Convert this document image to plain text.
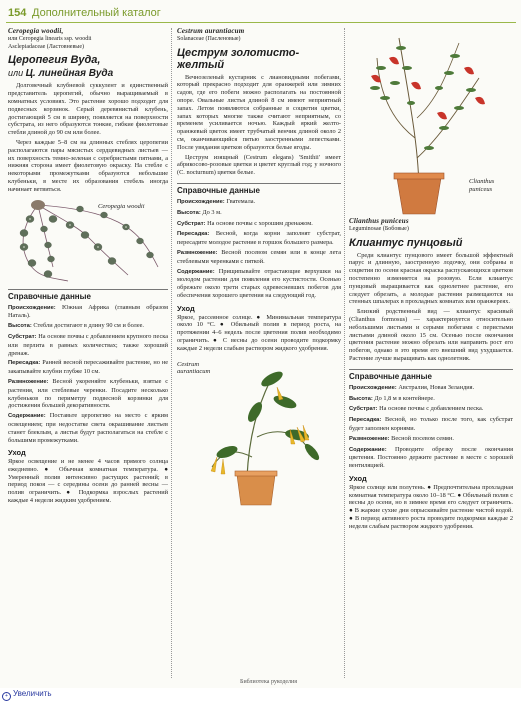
154 Дополнительный каталог
Ceropegia woodii,
или Ceropegia linearis ssp. woodii
Asclepiadaceae (Ластовневые)
Церопегия Вуда,
или Ц. линейная Вуда

Долговечный клубневой суккулент и единственный представитель церопегий, обычно выращиваемый в комнатных условиях. Это растение хорошо подходит для подвесных корзинок. Серый деревянистый клубень, достигающий 5 см в ширину, появляется на поверхности субстрата, из него образуются тонкие, гибкие фиолетовые стебли длиной до 90 см или более.

Через каждые 5–8 см на длинных стеблях церопегии располагаются пары мясистых сердцевидных листьев — их поверхность темно-зеленая с серебристыми пятнами, а нижняя сторона имеет фиолетовую окраску. На стебле с некоторыми промежутками образуются небольшие клубеньки, в месте их образования стебель иногда начинает ветвиться.

Ceropegia woodii
Справочные данные
Происхождение: Южная Африка (главным образом Наталь).
Высота: Стебли достигают в длину 90 см и более.
Субстрат: На основе почвы с добавлением крупного песка или перлита в равных количествах; также хороший дренаж.
Пересадка: Ранней весной пересаживайте растение, но не закапывайте клубни глубже 10 см.
Размножение: Весной укореняйте клубеньки, взятые с растения, или стеблевые черенки. Посадите несколько клубеньков по периметру подвесной корзинки для достижения большей декоративности.
Содержание: Поставьте церопегию на место с ярким освещением; при недостатке света окрашивание листьев станет блеклым, а листья будут располагаться на стебле с большими промежутками.
Уход

Яркое освещение и не менее 4 часов прямого солнца ежедневно. ● Обычная комнатная температура. ● Умеренный полив интенсивно растущих растений; в период покоя — с середины осени до ранней весны — полив ограничить. ● Подкормка взрослых растений каждые 4 недели жидким удобрением.

Cestrum aurantiacum
Solanaceae (Пасленовые)
Цеструм золотисто-желтый

Вечнозеленый кустарник с лиановидными побегами, который прекрасно подходит для оранжерей или зимних садов, где его побеги можно располагать на постоянной опоре. Овальные листья длиной 8 см имеют неприятный запах. Летом появляются собранные в соцветия цветки, запах которых многие также считают неприятным, со временем усиливается ночью. Каждый яркий желто-оранжевый цветок имеет трубчатый венчик длиной около 2 см, оканчивающийся пятью заостренными лепестками. После увядания цветков образуются белые ягоды.

Цеструм изящный (Cestrum elegans) 'Smithii' имеет абрикосово-розовые цветки и цветет круглый год; у ночного (C. nocturnum) цветки белые.

Справочные данные
Происхождение: Гватемала.
Высота: До 3 м.
Субстрат: На основе почвы с хорошим дренажом.
Пересадка: Весной, когда корни заполнят субстрат, пересадите молодое растение в горшок большего размера.
Размножение: Весной посевом семян или в конце лета стеблевыми черенками с пяткой.
Содержание: Прищипывайте отрастающие верхушки на молодом растении для появления его кустистости. Осенью обрежьте около трети старых одревесневших побегов для обеспечения хорошего цветения на следующий год.
Уход

Яркое, рассеянное солнце. ● Минимальная температура около 10 °С. ● Обильный полив в период роста, на протяжении 4–6 недель после цветения полив необходимо ограничить. ● С весны до осени проводите подкормку каждые 2 недели слабым раствором жидкого удобрения.

Cestrum
aurantiacum
Clianthus
puniceus
Clianthus puniceus
Leguminosae (Бобовые)
Клиантус пунцовый

Среди клиантус пунцового имеет большой эффектный парус и длинную, заостренную лодочку, они собраны в соцветия по осени красная окраска распускающихся цветков постепенно изменяется на розовую. Если клиантус пунцовый выращивается как однолетнее растение, его следует обрезать, а молодые растения размещаются на стенных шпалерах в прохладных комнатах или оранжереях.

Близкий родственный вид — клиантус красивый (Clianthus formosus) — характеризуется относительно небольшими листьями и серыми побегами с перистыми листьями длиной около 15 см. Осенью после окончания цветения растение можно обрезать или направить рост его побегов, однако в это время его внешний вид ухудшается. Растение лучше выращивать как однолетник.

Справочные данные
Происхождение: Австралия, Новая Зеландия.
Высота: До 1,8 м в контейнере.
Субстрат: На основе почвы с добавлением песка.
Пересадка: Весной, но только после того, как субстрат будет заполнен корнями.
Размножение: Весной посевом семян.
Содержание: Проводите обрезку после окончания цветения. Постоянно держите растение в месте с хорошей вентиляцией.
Уход

Яркое солнце или полутень. ● Предпочтительна прохладная комнатная температура около 10–18 °С. ● Обильный полив с весны до осени, но в зимнее время его следует ограничить. ● В жаркие сухие дни опрыскивайте растение чистой водой. ● В период активного роста проводите подкормки каждые 2 недели слабым раствором жидкого удобрения.

Библиотека рукоделия
+ Увеличить
